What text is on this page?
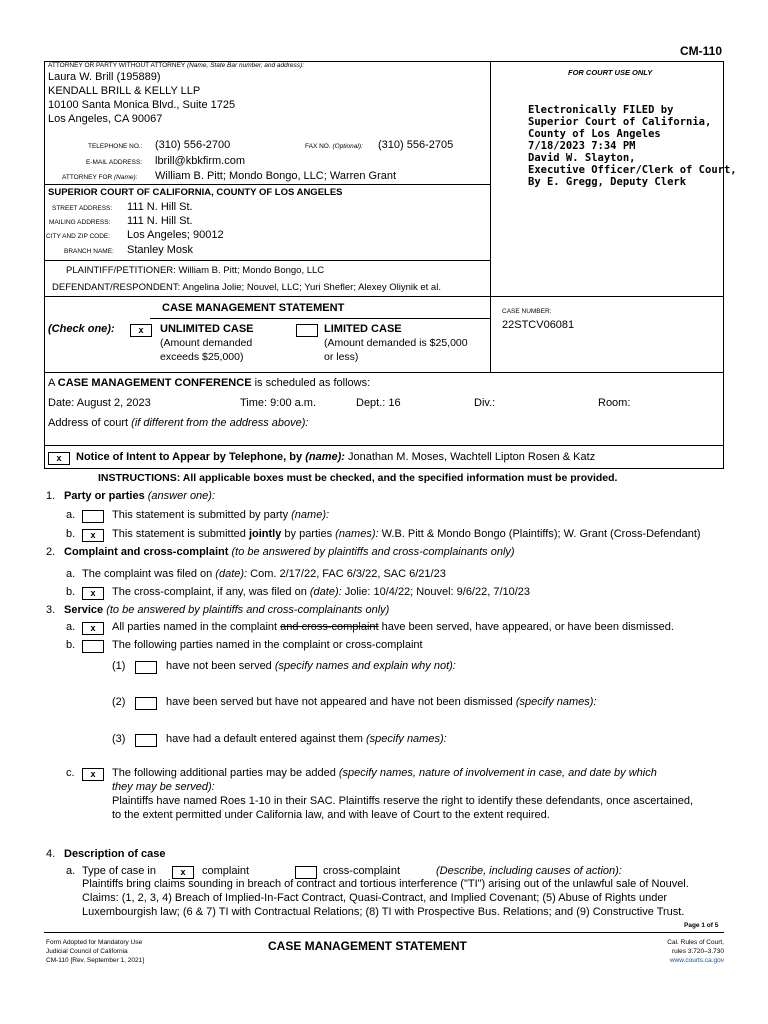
CM-110
ATTORNEY OR PARTY WITHOUT ATTORNEY (Name, State Bar number, and address):
FOR COURT USE ONLY
Laura W. Brill (195889)
KENDALL BRILL & KELLY LLP
10100 Santa Monica Blvd., Suite 1725
Los Angeles, CA 90067
TELEPHONE NO.: (310) 556-2700	FAX NO. (Optional): (310) 556-2705
E-MAIL ADDRESS: lbrill@kbkfirm.com
ATTORNEY FOR (Name): William B. Pitt; Mondo Bongo, LLC; Warren Grant
Electronically FILED by
Superior Court of California,
County of Los Angeles
7/18/2023 7:34 PM
David W. Slayton,
Executive Officer/Clerk of Court,
By E. Gregg, Deputy Clerk
SUPERIOR COURT OF CALIFORNIA, COUNTY OF LOS ANGELES
STREET ADDRESS: 111 N. Hill St.
MAILING ADDRESS: 111 N. Hill St.
CITY AND ZIP CODE: Los Angeles; 90012
BRANCH NAME: Stanley Mosk
PLAINTIFF/PETITIONER: William B. Pitt; Mondo Bongo, LLC
DEFENDANT/RESPONDENT: Angelina Jolie; Nouvel, LLC; Yuri Shefler; Alexey Oliynik et al.
CASE MANAGEMENT STATEMENT
(Check one):	x	UNLIMITED CASE
(Amount demanded
exceeds $25,000)
LIMITED CASE
(Amount demanded is $25,000
or less)
CASE NUMBER:
22STCV06081
A CASE MANAGEMENT CONFERENCE is scheduled as follows:
Date: August 2, 2023	Time: 9:00 a.m.	Dept.: 16	Div.:	Room:
Address of court (if different from the address above):
x	Notice of Intent to Appear by Telephone, by (name): Jonathan M. Moses, Wachtell Lipton Rosen & Katz
INSTRUCTIONS: All applicable boxes must be checked, and the specified information must be provided.
1. Party or parties (answer one):
a.	This statement is submitted by party (name):
b.	x	This statement is submitted jointly by parties (names): W.B. Pitt & Mondo Bongo (Plaintiffs); W. Grant (Cross-Defendant)
2. Complaint and cross-complaint (to be answered by plaintiffs and cross-complainants only)
a. The complaint was filed on (date): Com. 2/17/22, FAC 6/3/22, SAC 6/21/23
b.	x	The cross-complaint, if any, was filed on (date): Jolie: 10/4/22; Nouvel: 9/6/22, 7/10/23
3. Service (to be answered by plaintiffs and cross-complainants only)
a.	x	All parties named in the complaint and cross-complaint have been served, have appeared, or have been dismissed.
b.	The following parties named in the complaint or cross-complaint
(1)	have not been served (specify names and explain why not):
(2)	have been served but have not appeared and have not been dismissed (specify names):
(3)	have had a default entered against them (specify names):
c.	x	The following additional parties may be added (specify names, nature of involvement in case, and date by which
they may be served):
Plaintiffs have named Roes 1-10 in their SAC. Plaintiffs reserve the right to identify these defendants, once ascertained,
to the extent permitted under California law, and with leave of Court to the extent required.
4. Description of case
a. Type of case in	x	complaint	cross-complaint	(Describe, including causes of action):
Plaintiffs bring claims sounding in breach of contract and tortious interference ("TI") arising out of the unlawful sale of Nouvel.
Claims: (1, 2, 3, 4) Breach of Implied-In-Fact Contract, Quasi-Contract, and Implied Covenant; (5) Abuse of Rights under
Luxembourgish law; (6 & 7) TI with Contractual Relations; (8) TI with Prospective Bus. Relations; and (9) Constructive Trust.
Page 1 of 5
Form Adopted for Mandatory Use
Judicial Council of California
CM-110 [Rev. September 1, 2021]
CASE MANAGEMENT STATEMENT	Cal. Rules of Court,
rules 3.720–3.730
www.courts.ca.gov
